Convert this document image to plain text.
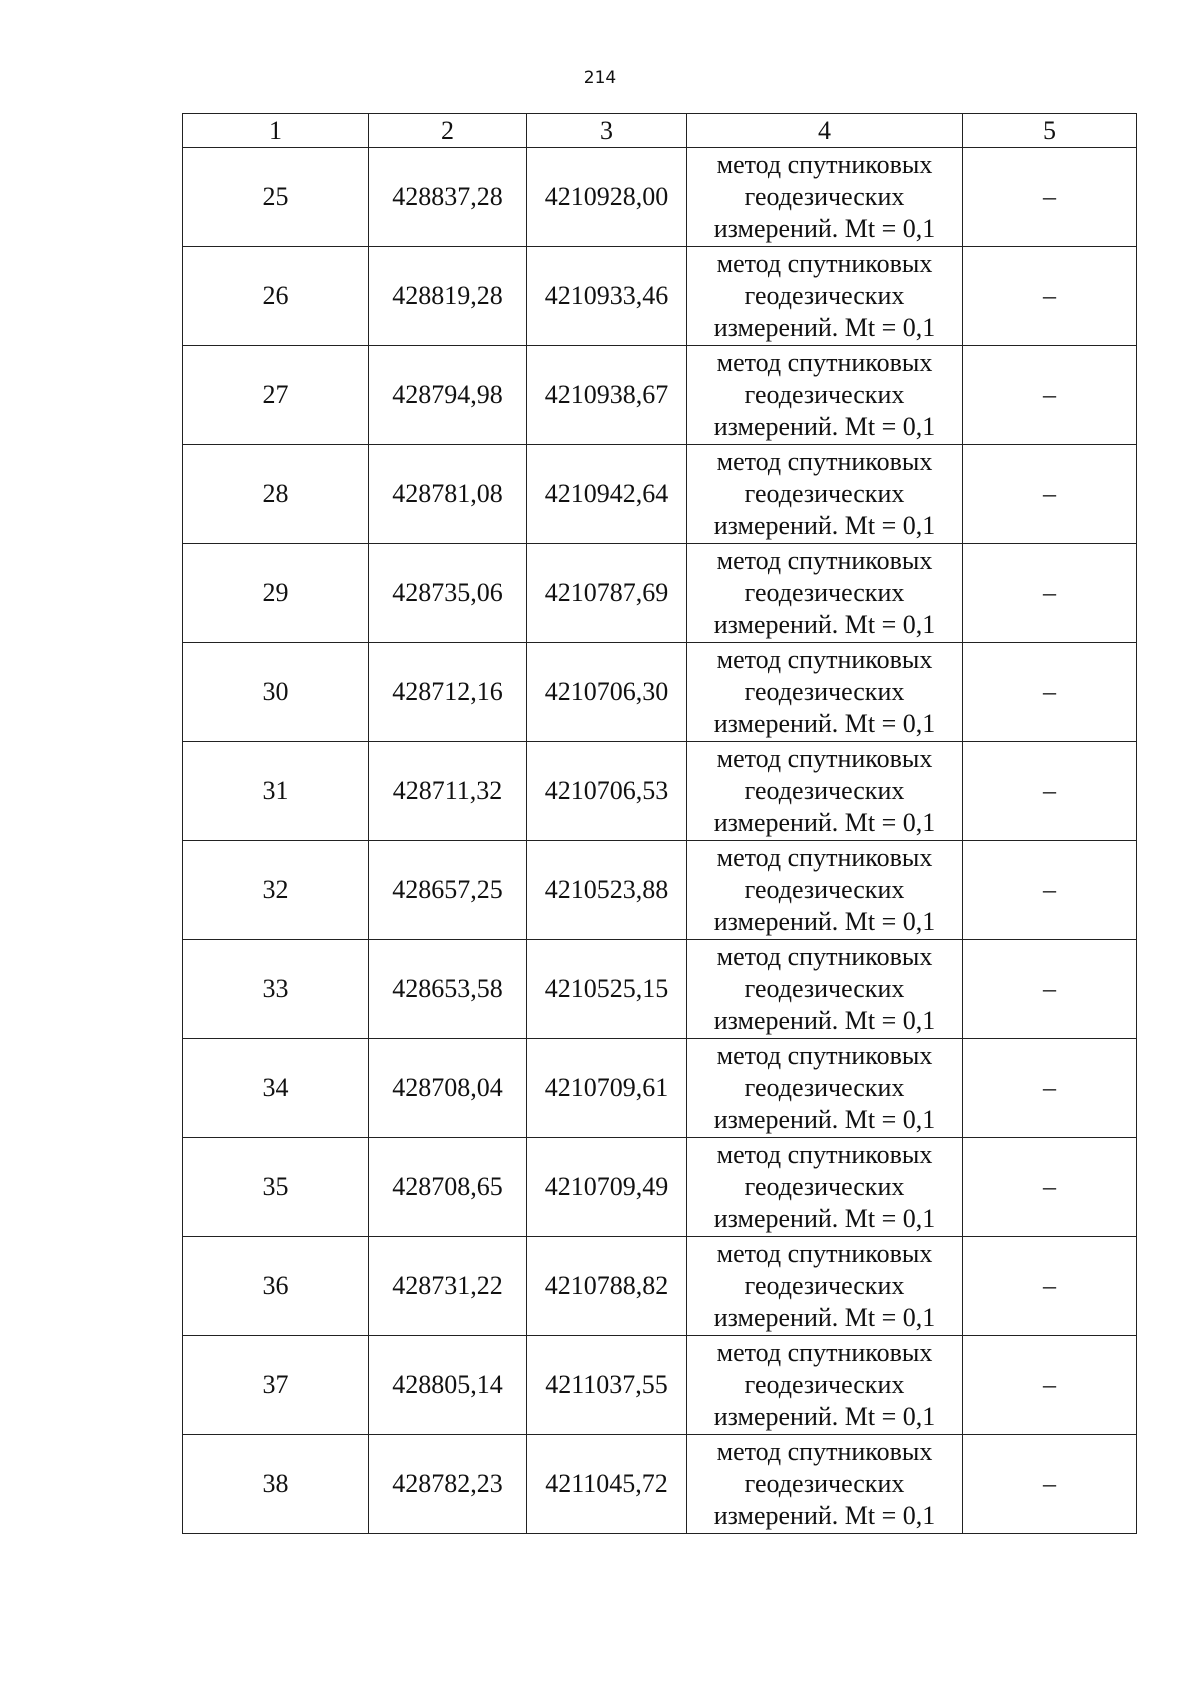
214
1	2	3	4	5
25	428837,28	4210928,00	метод спутниковых геодезических измерений. Mt = 0,1	–
26	428819,28	4210933,46	метод спутниковых геодезических измерений. Mt = 0,1	–
27	428794,98	4210938,67	метод спутниковых геодезических измерений. Mt = 0,1	–
28	428781,08	4210942,64	метод спутниковых геодезических измерений. Mt = 0,1	–
29	428735,06	4210787,69	метод спутниковых геодезических измерений. Mt = 0,1	–
30	428712,16	4210706,30	метод спутниковых геодезических измерений. Mt = 0,1	–
31	428711,32	4210706,53	метод спутниковых геодезических измерений. Mt = 0,1	–
32	428657,25	4210523,88	метод спутниковых геодезических измерений. Mt = 0,1	–
33	428653,58	4210525,15	метод спутниковых геодезических измерений. Mt = 0,1	–
34	428708,04	4210709,61	метод спутниковых геодезических измерений. Mt = 0,1	–
35	428708,65	4210709,49	метод спутниковых геодезических измерений. Mt = 0,1	–
36	428731,22	4210788,82	метод спутниковых геодезических измерений. Mt = 0,1	–
37	428805,14	4211037,55	метод спутниковых геодезических измерений. Mt = 0,1	–
38	428782,23	4211045,72	метод спутниковых геодезических измерений. Mt = 0,1	–
